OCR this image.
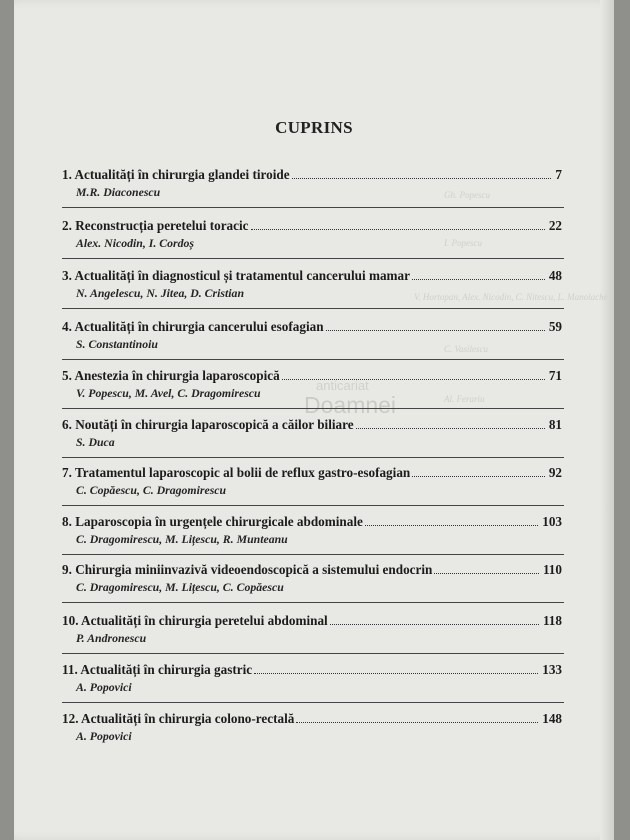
Gh. Popescu
I. Popescu
V. Hortopan, Alex. Nicodin, C. Nitescu, L. Manolache
C. Vasilescu
Al. Ferariu
anticariat
Doamnei
CUPRINS
1. Actualități în chirurgia glandei tiroide	7
M.R. Diaconescu
2. Reconstrucția peretelui toracic	22
Alex. Nicodin, I. Cordoș
3. Actualități în diagnosticul și tratamentul cancerului mamar	48
N. Angelescu, N. Jitea, D. Cristian
4. Actualități în chirurgia cancerului esofagian	59
S. Constantinoiu
5. Anestezia în chirurgia laparoscopică	71
V. Popescu, M. Avel, C. Dragomirescu
6. Noutăți în chirurgia laparoscopică a căilor biliare	81
S. Duca
7. Tratamentul laparoscopic al bolii de reflux gastro-esofagian	92
C. Copăescu, C. Dragomirescu
8. Laparoscopia în urgențele chirurgicale abdominale	103
C. Dragomirescu, M. Lițescu, R. Munteanu
9. Chirurgia miniinvazivă videoendoscopică a sistemului endocrin	110
C. Dragomirescu, M. Lițescu, C. Copăescu
10. Actualități în chirurgia peretelui abdominal	118
P. Andronescu
11. Actualități în chirurgia gastric	133
A. Popovici
12. Actualități în chirurgia colono-rectală	148
A. Popovici
